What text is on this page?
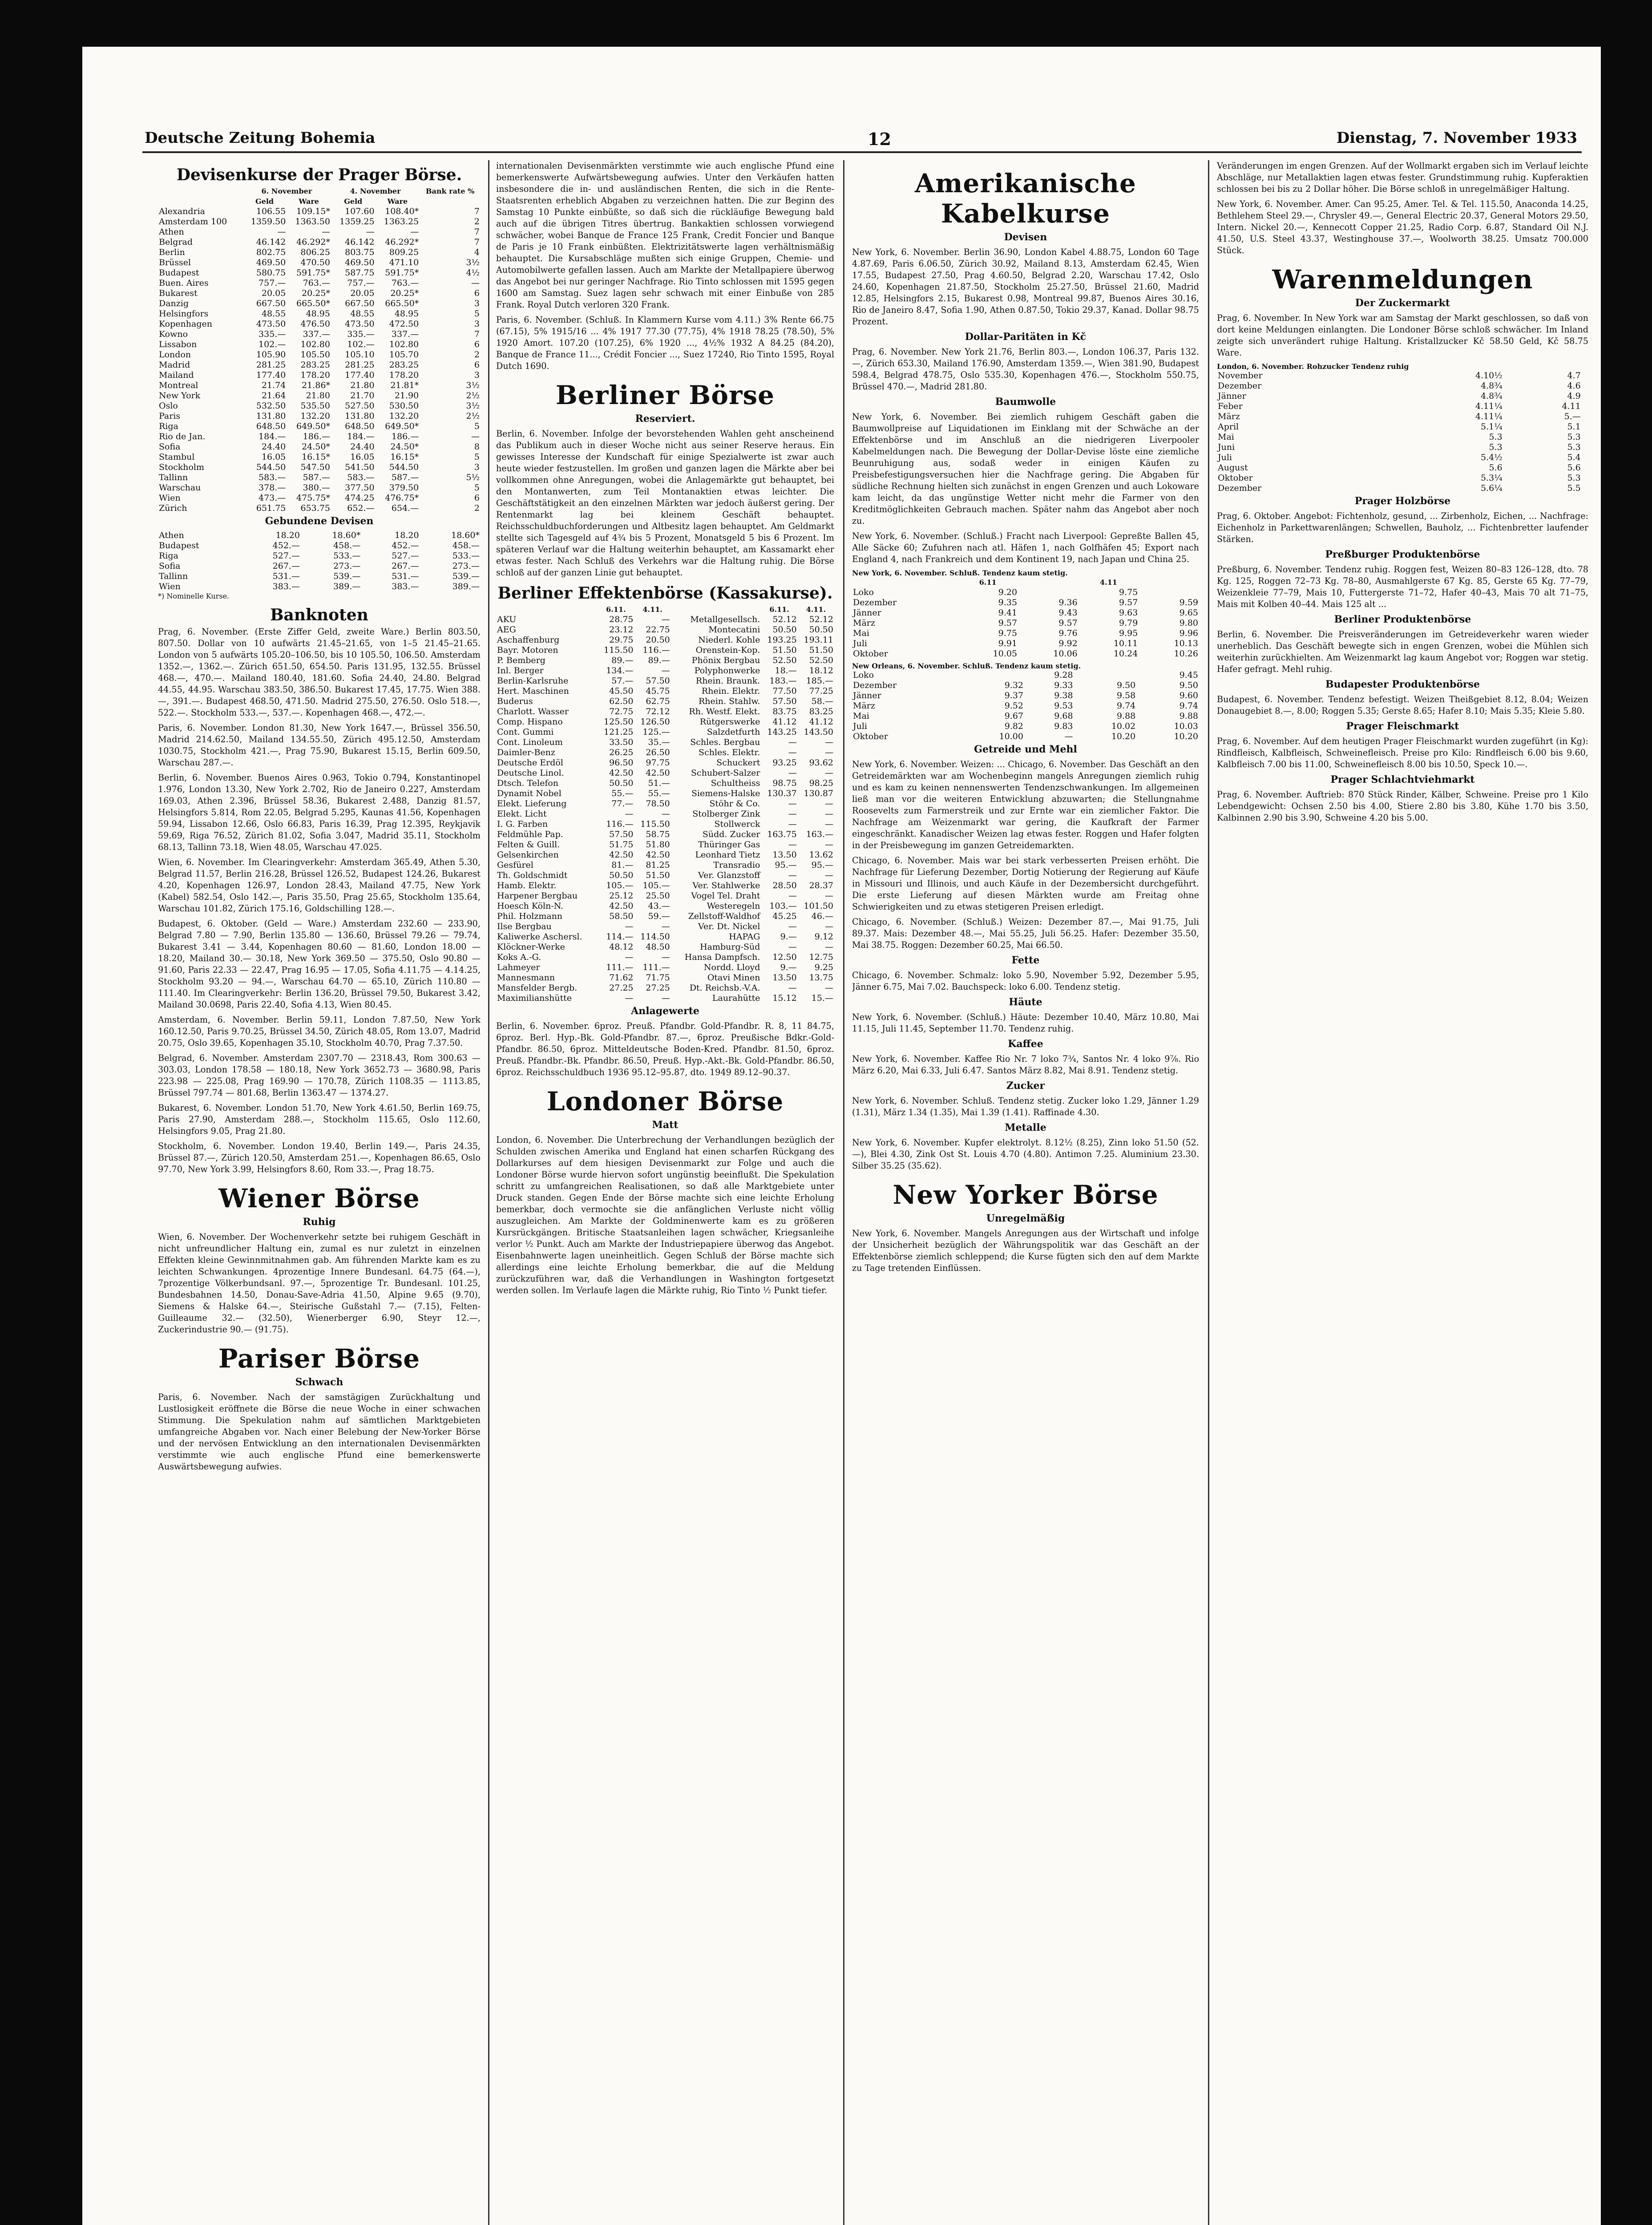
Deutsche Zeitung Bohemia	12	Dienstag, 7. November 1933
Devisenkurse der Prager Börse.
	6. November		4. November		Bank rate %
	Geld	Ware	Geld	Ware	
Alexandria	106.55	109.15*	107.60	108.40*	7
Amsterdam 100	1359.50	1363.50	1359.25	1363.25	2
Athen	—	—	—	—	7
Belgrad	46.142	46.292*	46.142	46.292*	7
Berlin	802.75	806.25	803.75	809.25	4
Brüssel	469.50	470.50	469.50	471.10	3½
Budapest	580.75	591.75*	587.75	591.75*	4½
Buen. Aires	757.—	763.—	757.—	763.—	—
Bukarest	20.05	20.25*	20.05	20.25*	6
Danzig	667.50	665.50*	667.50	665.50*	3
Helsingfors	48.55	48.95	48.55	48.95	5
Kopenhagen	473.50	476.50	473.50	472.50	3
Kowno	335.—	337.—	335.—	337.—	7
Lissabon	102.—	102.80	102.—	102.80	6
London	105.90	105.50	105.10	105.70	2
Madrid	281.25	283.25	281.25	283.25	6
Mailand	177.40	178.20	177.40	178.20	3
Montreal	21.74	21.86*	21.80	21.81*	3½
New York	21.64	21.80	21.70	21.90	2½
Oslo	532.50	535.50	527.50	530.50	3½
Paris	131.80	132.20	131.80	132.20	2½
Riga	648.50	649.50*	648.50	649.50*	5
Rio de Jan.	184.—	186.—	184.—	186.—	—
Sofia	24.40	24.50*	24.40	24.50*	8
Stambul	16.05	16.15*	16.05	16.15*	5
Stockholm	544.50	547.50	541.50	544.50	3
Tallinn	583.—	587.—	583.—	587.—	5½
Warschau	378.—	380.—	377.50	379.50	5
Wien	473.—	475.75*	474.25	476.75*	6
Zürich	651.75	653.75	652.—	654.—	2
Gebundene Devisen
Athen	18.20	18.60*	18.20	18.60*
Budapest	452.—	458.—	452.—	458.—
Riga	527.—	533.—	527.—	533.—
Sofia	267.—	273.—	267.—	273.—
Tallinn	531.—	539.—	531.—	539.—
Wien	383.—	389.—	383.—	389.—
*) Nominelle Kurse.
Banknoten

Prag, 6. November. (Erste Ziffer Geld, zweite Ware.) Berlin 803.50, 807.50. Dollar von 10 aufwärts 21.45–21.65, von 1–5 21.45–21.65. London von 5 aufwärts 105.20–106.50, bis 10 105.50, 106.50. Amsterdam 1352.—, 1362.—. Zürich 651.50, 654.50. Paris 131.95, 132.55. Brüssel 468.—, 470.—. Mailand 180.40, 181.60. Sofia 24.40, 24.80. Belgrad 44.55, 44.95. Warschau 383.50, 386.50. Bukarest 17.45, 17.75. Wien 388.—, 391.—. Budapest 468.50, 471.50. Madrid 275.50, 276.50. Oslo 518.—, 522.—. Stockholm 533.—, 537.—. Kopenhagen 468.—, 472.—.

Paris, 6. November. London 81.30, New York 1647.—, Brüssel 356.50, Madrid 214.62.50, Mailand 134.55.50, Zürich 495.12.50, Amsterdam 1030.75, Stockholm 421.—, Prag 75.90, Bukarest 15.15, Berlin 609.50, Warschau 287.—.

Berlin, 6. November. Buenos Aires 0.963, Tokio 0.794, Konstantinopel 1.976, London 13.30, New York 2.702, Rio de Janeiro 0.227, Amsterdam 169.03, Athen 2.396, Brüssel 58.36, Bukarest 2.488, Danzig 81.57, Helsingfors 5.814, Rom 22.05, Belgrad 5.295, Kaunas 41.56, Kopenhagen 59.94, Lissabon 12.66, Oslo 66.83, Paris 16.39, Prag 12.395, Reykjavik 59.69, Riga 76.52, Zürich 81.02, Sofia 3.047, Madrid 35.11, Stockholm 68.13, Tallinn 73.18, Wien 48.05, Warschau 47.025.

Wien, 6. November. Im Clearingverkehr: Amsterdam 365.49, Athen 5.30, Belgrad 11.57, Berlin 216.28, Brüssel 126.52, Budapest 124.26, Bukarest 4.20, Kopenhagen 126.97, London 28.43, Mailand 47.75, New York (Kabel) 582.54, Oslo 142.—, Paris 35.50, Prag 25.65, Stockholm 135.64, Warschau 101.82, Zürich 175.16, Goldschilling 128.—.

Budapest, 6. Oktober. (Geld — Ware.) Amsterdam 232.60 — 233.90, Belgrad 7.80 — 7.90, Berlin 135.80 — 136.60, Brüssel 79.26 — 79.74, Bukarest 3.41 — 3.44, Kopenhagen 80.60 — 81.60, London 18.00 — 18.20, Mailand 30.— 30.18, New York 369.50 — 375.50, Oslo 90.80 — 91.60, Paris 22.33 — 22.47, Prag 16.95 — 17.05, Sofia 4.11.75 — 4.14.25, Stockholm 93.20 — 94.—, Warschau 64.70 — 65.10, Zürich 110.80 — 111.40. Im Clearingverkehr: Berlin 136.20, Brüssel 79.50, Bukarest 3.42, Mailand 30.0698, Paris 22.40, Sofia 4.13, Wien 80.45.

Amsterdam, 6. November. Berlin 59.11, London 7.87.50, New York 160.12.50, Paris 9.70.25, Brüssel 34.50, Zürich 48.05, Rom 13.07, Madrid 20.75, Oslo 39.65, Kopenhagen 35.10, Stockholm 40.70, Prag 7.37.50.

Belgrad, 6. November. Amsterdam 2307.70 — 2318.43, Rom 300.63 — 303.03, London 178.58 — 180.18, New York 3652.73 — 3680.98, Paris 223.98 — 225.08, Prag 169.90 — 170.78, Zürich 1108.35 — 1113.85, Brüssel 797.74 — 801.68, Berlin 1363.47 — 1374.27.

Bukarest, 6. November. London 51.70, New York 4.61.50, Berlin 169.75, Paris 27.90, Amsterdam 288.—, Stockholm 115.65, Oslo 112.60, Helsingfors 9.05, Prag 21.80.

Stockholm, 6. November. London 19.40, Berlin 149.—, Paris 24.35, Brüssel 87.—, Zürich 120.50, Amsterdam 251.—, Kopenhagen 86.65, Oslo 97.70, New York 3.99, Helsingfors 8.60, Rom 33.—, Prag 18.75.

Wiener Börse
Ruhig

Wien, 6. November. Der Wochenverkehr setzte bei ruhigem Geschäft in nicht unfreundlicher Haltung ein, zumal es nur zuletzt in einzelnen Effekten kleine Gewinnmitnahmen gab. Am führenden Markte kam es zu leichten Schwankungen. 4prozentige Innere Bundesanl. 64.75 (64.—), 7prozentige Völkerbundsanl. 97.—, 5prozentige Tr. Bundesanl. 101.25, Bundesbahnen 14.50, Donau-Save-Adria 41.50, Alpine 9.65 (9.70), Siemens & Halske 64.—, Steirische Gußstahl 7.— (7.15), Felten-Guilleaume 32.— (32.50), Wienerberger 6.90, Steyr 12.—, Zuckerindustrie 90.— (91.75).

Pariser Börse
Schwach

Paris, 6. November. Nach der samstägigen Zurückhaltung und Lustlosigkeit eröffnete die Börse die neue Woche in einer schwachen Stimmung. Die Spekulation nahm auf sämtlichen Marktgebieten umfangreiche Abgaben vor. Nach einer Belebung der New-Yorker Börse und der nervösen Entwicklung an den internationalen Devisenmärkten verstimmte wie auch englische Pfund eine bemerkenswerte Auswärtsbewegung aufwies.

internationalen Devisenmärkten verstimmte wie auch englische Pfund eine bemerkenswerte Aufwärtsbewegung aufwies. Unter den Verkäufen hatten insbesondere die in- und ausländischen Renten, die sich in die Rente-Staatsrenten erheblich Abgaben zu verzeichnen hatten. Die zur Beginn des Samstag 10 Punkte einbüßte, so daß sich die rückläufige Bewegung bald auch auf die übrigen Titres übertrug. Bankaktien schlossen vorwiegend schwächer, wobei Banque de France 125 Frank, Credit Foncier und Banque de Paris je 10 Frank einbüßten. Elektrizitätswerte lagen verhältnismäßig behauptet. Die Kursabschläge mußten sich einige Gruppen, Chemie- und Automobilwerte gefallen lassen. Auch am Markte der Metallpapiere überwog das Angebot bei nur geringer Nachfrage. Rio Tinto schlossen mit 1595 gegen 1600 am Samstag. Suez lagen sehr schwach mit einer Einbuße von 285 Frank. Royal Dutch verloren 320 Frank.

Paris, 6. November. (Schluß. In Klammern Kurse vom 4.11.) 3% Rente 66.75 (67.15), 5% 1915/16 ... 4% 1917 77.30 (77.75), 4% 1918 78.25 (78.50), 5% 1920 Amort. 107.20 (107.25), 6% 1920 ..., 4½% 1932 A 84.25 (84.20), Banque de France 11..., Crédit Foncier ..., Suez 17240, Rio Tinto 1595, Royal Dutch 1690.

Berliner Börse
Reserviert.

Berlin, 6. November. Infolge der bevorstehenden Wahlen geht anscheinend das Publikum auch in dieser Woche nicht aus seiner Reserve heraus. Ein gewisses Interesse der Kundschaft für einige Spezialwerte ist zwar auch heute wieder festzustellen. Im großen und ganzen lagen die Märkte aber bei vollkommen ohne Anregungen, wobei die Anlagemärkte gut behauptet, bei den Montanwerten, zum Teil Montanaktien etwas leichter. Die Geschäftstätigkeit an den einzelnen Märkten war jedoch äußerst gering. Der Rentenmarkt lag bei kleinem Geschäft behauptet. Reichsschuldbuchforderungen und Altbesitz lagen behauptet. Am Geldmarkt stellte sich Tagesgeld auf 4¾ bis 5 Prozent, Monatsgeld 5 bis 6 Prozent. Im späteren Verlauf war die Haltung weiterhin behauptet, am Kassamarkt eher etwas fester. Nach Schluß des Verkehrs war die Haltung ruhig. Die Börse schloß auf der ganzen Linie gut behauptet.

Berliner Effektenbörse (Kassakurse).
	6.11.	4.11.		6.11.	4.11.
AKU	28.75	—	Metallgesellsch.	52.12	52.12
AEG	23.12	22.75	Montecatini	50.50	50.50
Aschaffenburg	29.75	20.50	Niederl. Kohle	193.25	193.11
Bayr. Motoren	115.50	116.—	Orenstein-Kop.	51.50	51.50
P. Bemberg	89.—	89.—	Phönix Bergbau	52.50	52.50
Inl. Berger	134.—	—	Polyphonwerke	18.—	18.12
Berlin-Karlsruhe	57.—	57.50	Rhein. Braunk.	183.—	185.—
Hert. Maschinen	45.50	45.75	Rhein. Elektr.	77.50	77.25
Buderus	62.50	62.75	Rhein. Stahlw.	57.50	58.—
Charlott. Wasser	72.75	72.12	Rh. Westf. Elekt.	83.75	83.25
Comp. Hispano	125.50	126.50	Rütgerswerke	41.12	41.12
Cont. Gummi	121.25	125.—	Salzdetfurth	143.25	143.50
Cont. Linoleum	33.50	35.—	Schles. Bergbau	—	—
Daimler-Benz	26.25	26.50	Schles. Elektr.	—	—
Deutsche Erdöl	96.50	97.75	Schuckert	93.25	93.62
Deutsche Linol.	42.50	42.50	Schubert-Salzer	—	—
Dtsch. Telefon	50.50	51.—	Schultheiss	98.75	98.25
Dynamit Nobel	55.—	55.—	Siemens-Halske	130.37	130.87
Elekt. Lieferung	77.—	78.50	Stöhr & Co.	—	—
Elekt. Licht	—	—	Stolberger Zink	—	—
I. G. Farben	116.—	115.50	Stollwerck	—	—
Feldmühle Pap.	57.50	58.75	Südd. Zucker	163.75	163.—
Felten & Guill.	51.75	51.80	Thüringer Gas	—	—
Gelsenkirchen	42.50	42.50	Leonhard Tietz	13.50	13.62
Gesfürel	81.—	81.25	Transradio	95.—	95.—
Th. Goldschmidt	50.50	51.50	Ver. Glanzstoff	—	—
Hamb. Elektr.	105.—	105.—	Ver. Stahlwerke	28.50	28.37
Harpener Bergbau	25.12	25.50	Vogel Tel. Draht	—	—
Hoesch Köln-N.	42.50	43.—	Westeregeln	103.—	101.50
Phil. Holzmann	58.50	59.—	Zellstoff-Waldhof	45.25	46.—
Ilse Bergbau	—	—	Ver. Dt. Nickel	—	—
Kaliwerke Aschersl.	114.—	114.50	HAPAG	9.—	9.12
Klöckner-Werke	48.12	48.50	Hamburg-Süd	—	—
Koks A.-G.	—	—	Hansa Dampfsch.	12.50	12.75
Lahmeyer	111.—	111.—	Nordd. Lloyd	9.—	9.25
Mannesmann	71.62	71.75	Otavi Minen	13.50	13.75
Mansfelder Bergb.	27.25	27.25	Dt. Reichsb.-V.A.	—	—
Maximilianshütte	—	—	Laurahütte	15.12	15.—
Anlagewerte

Berlin, 6. November. 6proz. Preuß. Pfandbr. Gold-Pfandbr. R. 8, 11 84.75, 6proz. Berl. Hyp.-Bk. Gold-Pfandbr. 87.—, 6proz. Preußische Bdkr.-Gold-Pfandbr. 86.50, 6proz. Mitteldeutsche Boden-Kred. Pfandbr. 81.50, 6proz. Preuß. Pfandbr.-Bk. Pfandbr. 86.50, Preuß. Hyp.-Akt.-Bk. Gold-Pfandbr. 86.50, 6proz. Reichsschuldbuch 1936 95.12–95.87, dto. 1949 89.12–90.37.

Londoner Börse
Matt

London, 6. November. Die Unterbrechung der Verhandlungen bezüglich der Schulden zwischen Amerika und England hat einen scharfen Rückgang des Dollarkurses auf dem hiesigen Devisenmarkt zur Folge und auch die Londoner Börse wurde hiervon sofort ungünstig beeinflußt. Die Spekulation schritt zu umfangreichen Realisationen, so daß alle Marktgebiete unter Druck standen. Gegen Ende der Börse machte sich eine leichte Erholung bemerkbar, doch vermochte sie die anfänglichen Verluste nicht völlig auszugleichen. Am Markte der Goldminenwerte kam es zu größeren Kursrückgängen. Britische Staatsanleihen lagen schwächer, Kriegsanleihe verlor ½ Punkt. Auch am Markte der Industriepapiere überwog das Angebot. Eisenbahnwerte lagen uneinheitlich. Gegen Schluß der Börse machte sich allerdings eine leichte Erholung bemerkbar, die auf die Meldung zurückzuführen war, daß die Verhandlungen in Washington fortgesetzt werden sollen. Im Verlaufe lagen die Märkte ruhig, Rio Tinto ½ Punkt tiefer.

Amerikanische Kabelkurse
Devisen

New York, 6. November. Berlin 36.90, London Kabel 4.88.75, London 60 Tage 4.87.69, Paris 6.06.50, Zürich 30.92, Mailand 8.13, Amsterdam 62.45, Wien 17.55, Budapest 27.50, Prag 4.60.50, Belgrad 2.20, Warschau 17.42, Oslo 24.60, Kopenhagen 21.87.50, Stockholm 25.27.50, Brüssel 21.60, Madrid 12.85, Helsingfors 2.15, Bukarest 0.98, Montreal 99.87, Buenos Aires 30.16, Rio de Janeiro 8.47, Sofia 1.90, Athen 0.87.50, Tokio 29.37, Kanad. Dollar 98.75 Prozent.

Dollar-Paritäten in Kč

Prag, 6. November. New York 21.76, Berlin 803.—, London 106.37, Paris 132.—, Zürich 653.30, Mailand 176.90, Amsterdam 1359.—, Wien 381.90, Budapest 598.4, Belgrad 478.75, Oslo 535.30, Kopenhagen 476.—, Stockholm 550.75, Brüssel 470.—, Madrid 281.80.

Baumwolle

New York, 6. November. Bei ziemlich ruhigem Geschäft gaben die Baumwollpreise auf Liquidationen im Einklang mit der Schwäche an der Effektenbörse und im Anschluß an die niedrigeren Liverpooler Kabelmeldungen nach. Die Bewegung der Dollar-Devise löste eine ziemliche Beunruhigung aus, sodaß weder in einigen Käufen zu Preisbefestigungsversuchen hier die Nachfrage gering. Die Abgaben für südliche Rechnung hielten sich zunächst in engen Grenzen und auch Lokoware kam leicht, da das ungünstige Wetter nicht mehr die Farmer von den Kreditmöglichkeiten Gebrauch machen. Später nahm das Angebot aber noch zu.

New York, 6. November. (Schluß.) Fracht nach Liverpool: Gepreßte Ballen 45, Alle Säcke 60; Zufuhren nach atl. Häfen 1, nach Golfhäfen 45; Export nach England 4, nach Frankreich und dem Kontinent 19, nach Japan und China 25.

New York, 6. November. Schluß. Tendenz kaum stetig.
	6.11		4.11	
Loko	9.20		9.75	
Dezember	9.35	9.36	9.57	9.59
Jänner	9.41	9.43	9.63	9.65
März	9.57	9.57	9.79	9.80
Mai	9.75	9.76	9.95	9.96
Juli	9.91	9.92	10.11	10.13
Oktober	10.05	10.06	10.24	10.26
New Orleans, 6. November. Schluß. Tendenz kaum stetig.
Loko		9.28		9.45
Dezember	9.32	9.33	9.50	9.50
Jänner	9.37	9.38	9.58	9.60
März	9.52	9.53	9.74	9.74
Mai	9.67	9.68	9.88	9.88
Juli	9.82	9.83	10.02	10.03
Oktober	10.00	—	10.20	10.20
Getreide und Mehl

New York, 6. November. Weizen: ... Chicago, 6. November. Das Geschäft an den Getreidemärkten war am Wochenbeginn mangels Anregungen ziemlich ruhig und es kam zu keinen nennenswerten Tendenzschwankungen. Im allgemeinen ließ man vor die weiteren Entwicklung abzuwarten; die Stellungnahme Roosevelts zum Farmerstreik und zur Ernte war ein ziemlicher Faktor. Die Nachfrage am Weizenmarkt war gering, die Kaufkraft der Farmer eingeschränkt. Kanadischer Weizen lag etwas fester. Roggen und Hafer folgten in der Preisbewegung im ganzen Getreidemarkten.

Chicago, 6. November. Mais war bei stark verbesserten Preisen erhöht. Die Nachfrage für Lieferung Dezember, Dortig Notierung der Regierung auf Käufe in Missouri und Illinois, und auch Käufe in der Dezembersicht durchgeführt. Die erste Lieferung auf diesen Märkten wurde am Freitag ohne Schwierigkeiten und zu etwas stetigeren Preisen erledigt.

Chicago, 6. November. (Schluß.) Weizen: Dezember 87.—, Mai 91.75, Juli 89.37. Mais: Dezember 48.—, Mai 55.25, Juli 56.25. Hafer: Dezember 35.50, Mai 38.75. Roggen: Dezember 60.25, Mai 66.50.

Fette

Chicago, 6. November. Schmalz: loko 5.90, November 5.92, Dezember 5.95, Jänner 6.75, Mai 7.02. Bauchspeck: loko 6.00. Tendenz stetig.

Häute

New York, 6. November. (Schluß.) Häute: Dezember 10.40, März 10.80, Mai 11.15, Juli 11.45, September 11.70. Tendenz ruhig.

Kaffee

New York, 6. November. Kaffee Rio Nr. 7 loko 7¾, Santos Nr. 4 loko 9⅞. Rio März 6.20, Mai 6.33, Juli 6.47. Santos März 8.82, Mai 8.91. Tendenz stetig.

Zucker

New York, 6. November. Schluß. Tendenz stetig. Zucker loko 1.29, Jänner 1.29 (1.31), März 1.34 (1.35), Mai 1.39 (1.41). Raffinade 4.30.

Metalle

New York, 6. November. Kupfer elektrolyt. 8.12½ (8.25), Zinn loko 51.50 (52.—), Blei 4.30, Zink Ost St. Louis 4.70 (4.80). Antimon 7.25. Aluminium 23.30. Silber 35.25 (35.62).

New Yorker Börse
Unregelmäßig

New York, 6. November. Mangels Anregungen aus der Wirtschaft und infolge der Unsicherheit bezüglich der Währungspolitik war das Geschäft an der Effektenbörse ziemlich schleppend; die Kurse fügten sich den auf dem Markte zu Tage tretenden Einflüssen.

Veränderungen im engen Grenzen. Auf der Wollmarkt ergaben sich im Verlauf leichte Abschläge, nur Metallaktien lagen etwas fester. Grundstimmung ruhig. Kupferaktien schlossen bei bis zu 2 Dollar höher. Die Börse schloß in unregelmäßiger Haltung.

New York, 6. November. Amer. Can 95.25, Amer. Tel. & Tel. 115.50, Anaconda 14.25, Bethlehem Steel 29.—, Chrysler 49.—, General Electric 20.37, General Motors 29.50, Intern. Nickel 20.—, Kennecott Copper 21.25, Radio Corp. 6.87, Standard Oil N.J. 41.50, U.S. Steel 43.37, Westinghouse 37.—, Woolworth 38.25. Umsatz 700.000 Stück.

Warenmeldungen
Der Zuckermarkt

Prag, 6. November. In New York war am Samstag der Markt geschlossen, so daß von dort keine Meldungen einlangten. Die Londoner Börse schloß schwächer. Im Inland zeigte sich unverändert ruhige Haltung. Kristallzucker Kč 58.50 Geld, Kč 58.75 Ware.

London, 6. November. Rohzucker Tendenz ruhig
November	4.10½	4.7	
Dezember	4.8¾	4.6	
Jänner	4.8¾	4.9	
Feber	4.11¼	4.11	
März	4.11¼	5.—	
April	5.1¼	5.1	
Mai	5.3	5.3	
Juni	5.3	5.3	
Juli	5.4½	5.4	
August	5.6	5.6	
Oktober	5.3¼	5.3	
Dezember	5.6¼	5.5	
Prager Holzbörse

Prag, 6. Oktober. Angebot: Fichtenholz, gesund, ... Zirbenholz, Eichen, ... Nachfrage: Eichenholz in Parkettwarenlängen; Schwellen, Bauholz, ... Fichtenbretter laufender Stärken.

Preßburger Produktenbörse

Preßburg, 6. November. Tendenz ruhig. Roggen fest, Weizen 80–83 126–128, dto. 78 Kg. 125, Roggen 72–73 Kg. 78–80, Ausmahlgerste 67 Kg. 85, Gerste 65 Kg. 77–79, Weizenkleie 77–79, Mais 10, Futtergerste 71–72, Hafer 40–43, Mais 70 alt 71–75, Mais mit Kolben 40–44. Mais 125 alt ...

Berliner Produktenbörse

Berlin, 6. November. Die Preisveränderungen im Getreideverkehr waren wieder unerheblich. Das Geschäft bewegte sich in engen Grenzen, wobei die Mühlen sich weiterhin zurückhielten. Am Weizenmarkt lag kaum Angebot vor; Roggen war stetig. Hafer gefragt. Mehl ruhig.

Budapester Produktenbörse

Budapest, 6. November. Tendenz befestigt. Weizen Theißgebiet 8.12, 8.04; Weizen Donaugebiet 8.—, 8.00; Roggen 5.35; Gerste 8.65; Hafer 8.10; Mais 5.35; Kleie 5.80.

Prager Fleischmarkt

Prag, 6. November. Auf dem heutigen Prager Fleischmarkt wurden zugeführt (in Kg): Rindfleisch, Kalbfleisch, Schweinefleisch. Preise pro Kilo: Rindfleisch 6.00 bis 9.60, Kalbfleisch 7.00 bis 11.00, Schweinefleisch 8.00 bis 10.50, Speck 10.—.

Prager Schlachtviehmarkt

Prag, 6. November. Auftrieb: 870 Stück Rinder, Kälber, Schweine. Preise pro 1 Kilo Lebendgewicht: Ochsen 2.50 bis 4.00, Stiere 2.80 bis 3.80, Kühe 1.70 bis 3.50, Kalbinnen 2.90 bis 3.90, Schweine 4.20 bis 5.00.
